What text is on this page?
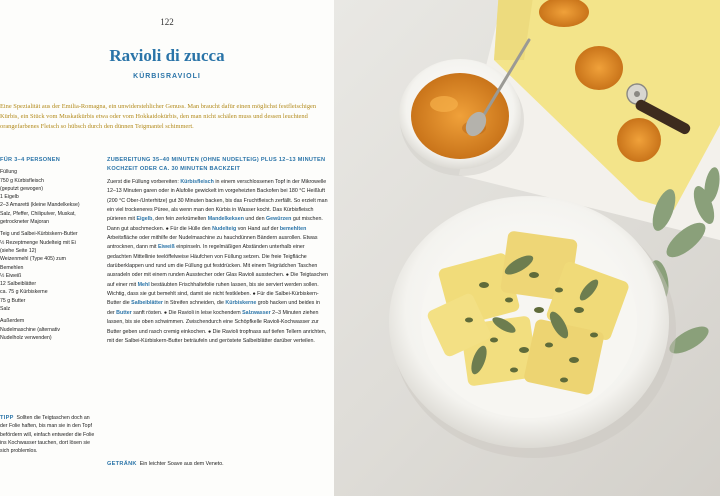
122
Ravioli di zucca
KÜRBISRAVIOLI
Eine Spezialität aus der Emilia-Romagna, ein unwiderstehlicher Genuss. Man braucht dafür einen möglichst festfleischigen Kürbis, ein Stück vom Muskatkürbis etwa oder vom Hokkaidokürbis, den man nicht schälen muss und dessen leuchtend orangefarbenes Fleisch so hübsch durch den dünnen Teigmantel schimmert.
FÜR 3–4 PERSONEN
Füllung
750 g Kürbisfleisch
(geputzt gewogen)
1 Eigelb
2–3 Amaretti (kleine Mandelkekse)
Salz, Pfeffer, Chilipulver, Muskat,
getrockneter Majoran
Teig und Salbei-Kürbiskern-Butter
½ Rezeptmenge Nudelteig mit Ei
(siehe Seite 12)
Weizenmehl (Type 405) zum
Bemehlen
½ Eiweiß
12 Salbeiblätter
ca. 75 g Kürbiskerne
75 g Butter
Salz
Außerdem
Nudelmaschine (alternativ
Nudelholz verwenden)
ZUBEREITUNG 35–40 MINUTEN (OHNE NUDELTEIG) PLUS 12–13 MINUTEN KOCHZEIT ODER CA. 30 MINUTEN BACKZEIT
Zuerst die Füllung vorbereiten: Kürbisfleisch in einem verschlossenen Topf in der Mikrowelle 12–13 Minuten garen oder in Alufolie gewickelt im vorgeheizten Backofen bei 180 °C Heißluft (200 °C Ober-/Unterhitze) gut 30 Minuten backen, bis das Fruchtfleisch zerfällt. So erzielt man ein viel trockeneres Püree, als wenn man den Kürbis in Wasser kocht. Das Kürbisfleisch pürieren mit Eigelb, den fein zerkrümelten Mandelkeksen und den Gewürzen gut mischen. Dann gut abschmecken. ● Für die Hülle den Nudelteig von Hand auf der bemehlten Arbeitsfläche oder mithilfe der Nudelmaschine zu hauchdünnen Bändern ausrollen. Etwas antrocknen, dann mit Eiweiß einpinseln. In regelmäßigen Abständen unterhalb einer gedachten Mittellinie teelöffelweise Häufchen von Füllung setzen. Die freie Teigfläche darüberklappen und rund um die Füllung gut festdrücken. Mit einem Teigrädchen Taschen ausradeln oder mit einem runden Ausstecher oder Glas Ravioli ausstechen. ● Die Teigtaschen auf einer mit Mehl bestäubten Frischhaltefolie ruhen lassen, bis sie serviert werden sollen. Wichtig, dass sie gut bemehlt sind, damit sie nicht festkleben. ● Für die Salbei-Kürbiskern-Butter die Salbeiblätter in Streifen schneiden, die Kürbiskerne grob hacken und beides in der Butter sanft rösten. ● Die Ravioli in leise kochendem Salzwasser 2–3 Minuten ziehen lassen, bis sie oben schwimmen. Zwischendurch eine Schöpfkelle Ravioli-Kochwasser zur Butter geben und rasch cremig einkochen. ● Die Ravioli tropfnass auf tiefen Tellern anrichten, mit der Salbei-Kürbiskern-Butter beträufeln und geröstete Salbeiblätter darüber verteilen.
TIPP Sollten die Teigtaschen doch an der Folie haften, bis man sie in den Topf befördern will, einfach entweder die Folie ins Kochwasser tauchen, dort lösen sie sich problemlos.
GETRÄNK Ein leichter Soave aus dem Veneto.
